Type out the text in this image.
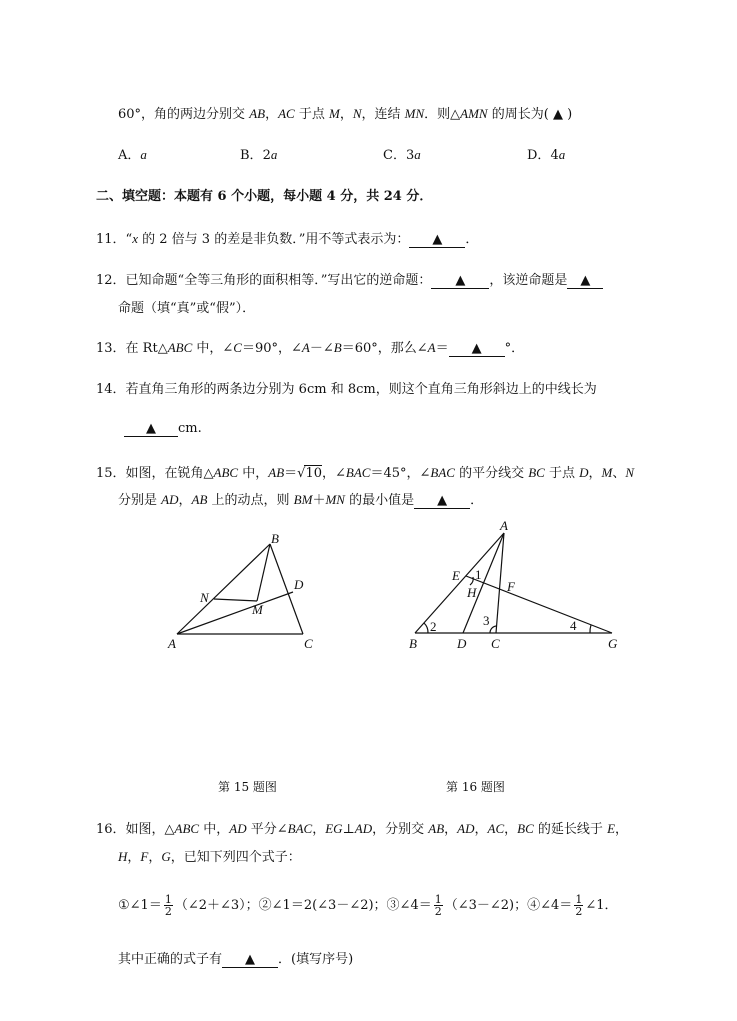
60°，角的两边分别交 AB，AC 于点 M，N，连结 MN．则△AMN 的周长为( ▲ )
A．a	B．2a	C．3a	D．4a
二、填空题：本题有 6 个小题，每小题 4 分，共 24 分．
11．“x 的 2 倍与 3 的差是非负数．”用不等式表示为： ▲ ．
12．已知命题“全等三角形的面积相等．”写出它的逆命题： ▲ ，该逆命题是 ▲
命题（填“真”或“假”）．
13．在 Rt△ABC 中，∠C＝90°，∠A－∠B＝60°，那么∠A＝ ▲ °．
14．若直角三角形的两条边分别为 6cm 和 8cm，则这个直角三角形斜边上的中线长为
▲ cm.
15．如图，在锐角△ABC 中，AB＝√10，∠BAC＝45°，∠BAC 的平分线交 BC 于点 D，M、N
分别是 AD，AB 上的动点，则 BM＋MN 的最小值是 ▲ ．
A
B
C
D
M
N
A
B	C
D
E
F
G
H
1
2	3	4
第 15 题图	第 16 题图
16．如图，△ABC 中，AD 平分∠BAC，EG⊥AD，分别交 AB，AD，AC，BC 的延长线于 E，
H，F，G，已知下列四个式子：
①∠1＝ $\frac{1}{2}$ （∠2＋∠3）；②∠1＝2(∠3－∠2)；③∠4＝ $\frac{1}{2}$ （∠3－∠2)；④∠4＝ $\frac{1}{2}$ ∠1．
其中正确的式子有 ▲ ．(填写序号)
